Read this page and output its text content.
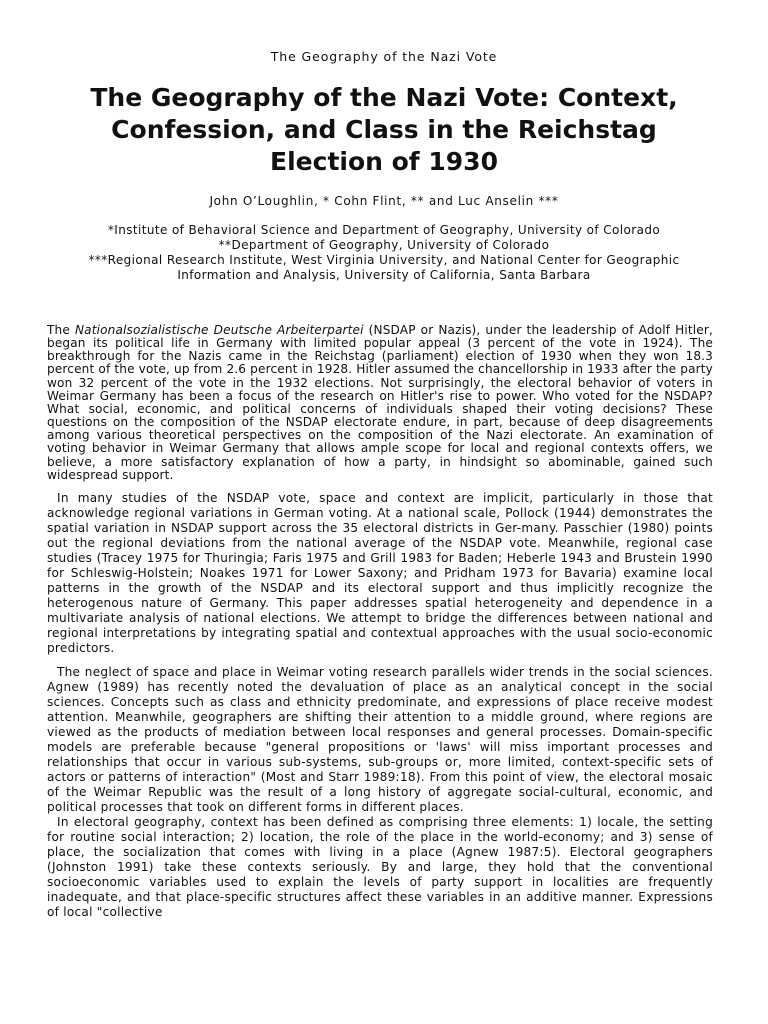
The Geography of the Nazi Vote
The Geography of the Nazi Vote: Context, Confession, and Class in the Reichstag Election of 1930
John O’Loughlin, * Cohn Flint, ** and Luc Anselin ***
*Institute of Behavioral Science and Department of Geography, University of Colorado
**Department of Geography, University of Colorado
***Regional Research Institute, West Virginia University, and National Center for Geographic
Information and Analysis, University of California, Santa Barbara

The Nationalsozialistische Deutsche Arbeiterpartei (NSDAP or Nazis), under the leadership of Adolf Hitler, began its political life in Germany with limited popular appeal (3 percent of the vote in 1924). The breakthrough for the Nazis came in the Reichstag (parliament) election of 1930 when they won 18.3 percent of the vote, up from 2.6 percent in 1928. Hitler assumed the chancellorship in 1933 after the party won 32 percent of the vote in the 1932 elections. Not surprisingly, the electoral behavior of voters in Weimar Germany has been a focus of the research on Hitler's rise to power. Who voted for the NSDAP? What social, economic, and political concerns of individuals shaped their voting decisions? These questions on the composition of the NSDAP electorate endure, in part, because of deep disagreements among various theoretical perspectives on the composition of the Nazi electorate. An examination of voting behavior in Weimar Germany that allows ample scope for local and regional contexts offers, we believe, a more satisfactory explanation of how a party, in hindsight so abominable, gained such widespread support.

In many studies of the NSDAP vote, space and context are implicit, particularly in those that acknowledge regional variations in German voting. At a national scale, Pollock (1944) demonstrates the spatial variation in NSDAP support across the 35 electoral districts in Ger-many. Passchier (1980) points out the regional deviations from the national average of the NSDAP vote. Meanwhile, regional case studies (Tracey 1975 for Thuringia; Faris 1975 and Grill 1983 for Baden; Heberle 1943 and Brustein 1990 for Schleswig-Holstein; Noakes 1971 for Lower Saxony; and Pridham 1973 for Bavaria) examine local patterns in the growth of the NSDAP and its electoral support and thus implicitly recognize the heterogenous nature of Germany. This paper addresses spatial heterogeneity and dependence in a multivariate analysis of national elections. We attempt to bridge the differences between national and regional interpretations by integrating spatial and contextual approaches with the usual socio-economic predictors.

The neglect of space and place in Weimar voting research parallels wider trends in the social sciences. Agnew (1989) has recently noted the devaluation of place as an analytical concept in the social sciences. Concepts such as class and ethnicity predominate, and expressions of place receive modest attention. Meanwhile, geographers are shifting their attention to a middle ground, where regions are viewed as the products of mediation between local responses and general processes. Domain-specific models are preferable because "general propositions or 'laws' will miss important processes and relationships that occur in various sub-systems, sub-groups or, more limited, context-specific sets of actors or patterns of interaction" (Most and Starr 1989:18). From this point of view, the electoral mosaic of the Weimar Republic was the result of a long history of aggregate social-cultural, economic, and political processes that took on different forms in different places.

In electoral geography, context has been defined as comprising three elements: 1) locale, the setting for routine social interaction; 2) location, the role of the place in the world-economy; and 3) sense of place, the socialization that comes with living in a place (Agnew 1987:5). Electoral geographers (Johnston 1991) take these contexts seriously. By and large, they hold that the conventional socioeconomic variables used to explain the levels of party support in localities are frequently inadequate, and that place-specific structures affect these variables in an additive manner. Expressions of local "collective
